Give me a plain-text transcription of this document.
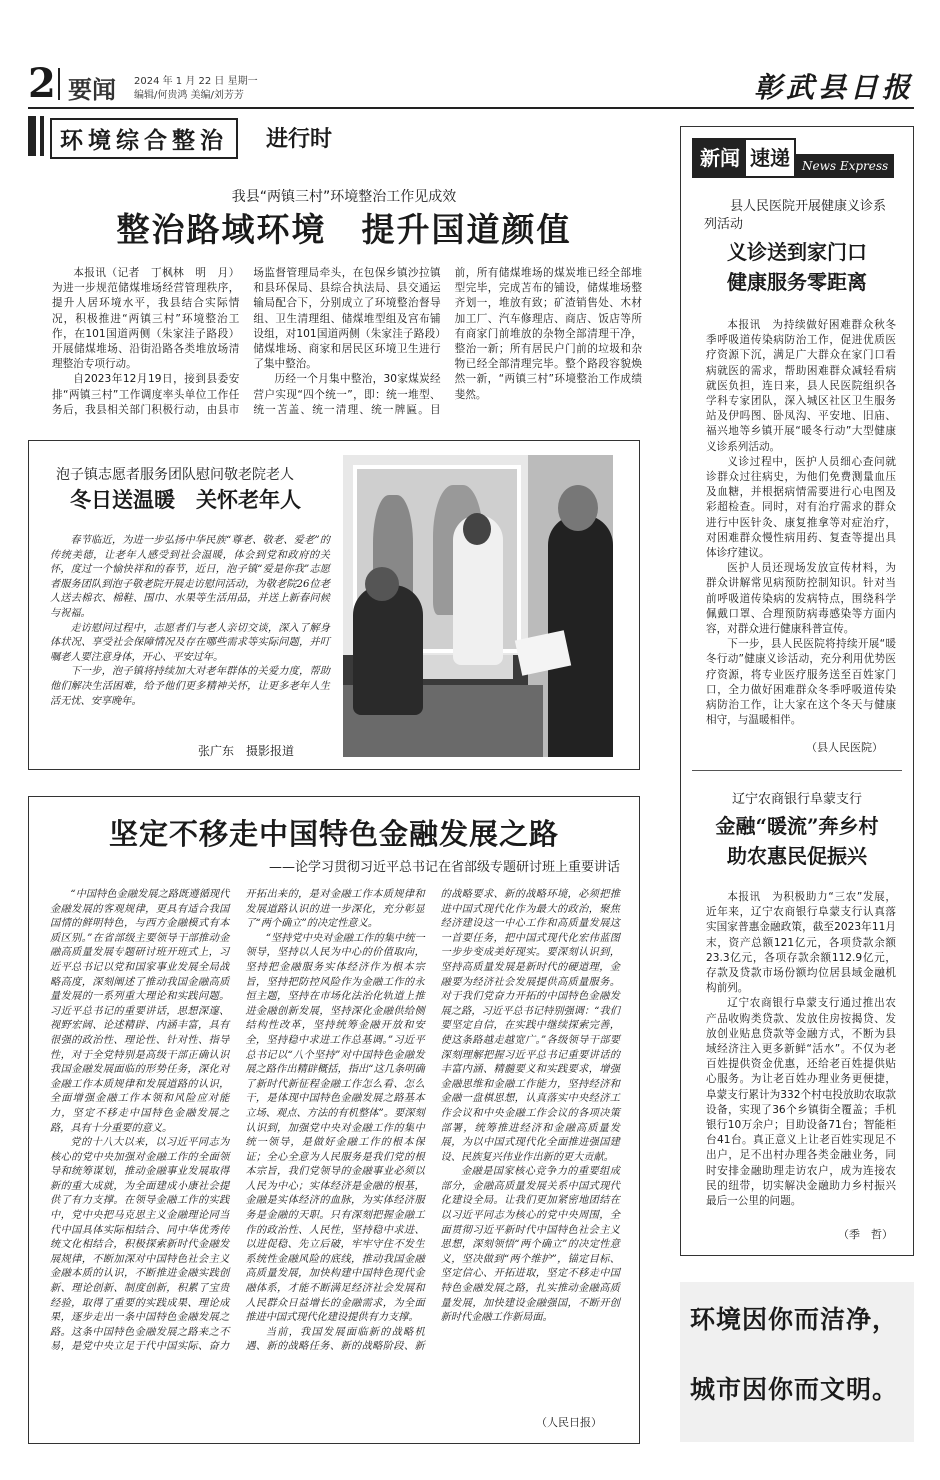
2 要闻 2024 年 1 月 22 日 星期一
编辑/何贵鸿 美编/刘芳芳	彰武县日报
环境综合整治	进行时
我县“两镇三村”环境整治工作见成效
整治路域环境　提升国道颜值

本报讯（记者　丁枫林　明　月）为进一步规范储煤堆场经营管理秩序，提升人居环境水平，我县结合实际情况，积极推进“两镇三村”环境整治工作，在101国道两侧（朱家洼子路段）开展储煤堆场、沿街沿路各类堆放场清理整治专项行动。

自2023年12月19日，接到县委安排“两镇三村”工作调度率头单位工作任务后，我县相关部门积极行动，由县市场监督管理局牵头，在包保乡镇沙拉镇和县环保局、县综合执法局、县交通运输局配合下，分别成立了环境整治督导组、卫生清理组、储煤堆型组及宫布铺设组，对101国道两侧（朱家洼子路段）储煤堆场、商家和居民区环境卫生进行了集中整治。

历经一个月集中整治，30家煤炭经营户实现“四个统一”，即：统一堆型、统一苫盖、统一清理、统一牌匾。目前，所有储煤堆场的煤炭堆已经全部堆型完毕，完成苫布的铺设，储煤堆场整齐划一，堆放有致；矿渣销售处、木材加工厂、汽车修理店、商店、饭店等所有商家门前堆放的杂物全部清理干净，整治一新；所有居民户门前的垃圾和杂物已经全部清理完毕。整个路段容貌焕然一新，“两镇三村”环境整治工作成绩斐然。

泡子镇志愿者服务团队慰问敬老院老人
冬日送温暖　关怀老年人

春节临近，为进一步弘扬中华民族“尊老、敬老、爱老”的传统美德，让老年人感受到社会温暖，体会到党和政府的关怀，度过一个愉快祥和的春节，近日，泡子镇“爱是你我”志愿者服务团队到泡子敬老院开展走访慰问活动，为敬老院26位老人送去棉衣、棉鞋、围巾、水果等生活用品，并送上新春问候与祝福。

走访慰问过程中，志愿者们与老人亲切交谈，深入了解身体状况、享受社会保障情况及存在哪些需求等实际问题，并叮嘱老人要注意身体，开心、平安过年。

下一步，泡子镇将持续加大对老年群体的关爱力度，帮助他们解决生活困难，给予他们更多精神关怀，让更多老年人生活无忧、安享晚年。

张广东　摄影报道
坚定不移走中国特色金融发展之路
——论学习贯彻习近平总书记在省部级专题研讨班上重要讲话

“中国特色金融发展之路既遵循现代金融发展的客观规律，更具有适合我国国情的鲜明特色，与西方金融模式有本质区别。”在省部级主要领导干部推动金融高质量发展专题研讨班开班式上，习近平总书记以党和国家事业发展全局战略高度，深刻阐述了推动我国金融高质量发展的一系列重大理论和实践问题。习近平总书记的重要讲话，思想深邃、视野宏阔、论述精辟、内涵丰富，具有很强的政治性、理论性、针对性、指导性，对于全党特别是高级干部正确认识我国金融发展面临的形势任务，深化对金融工作本质规律和发展道路的认识，全面增强金融工作本领和风险应对能力，坚定不移走中国特色金融发展之路，具有十分重要的意义。

党的十八大以来，以习近平同志为核心的党中央加强对金融工作的全面领导和统筹谋划，推动金融事业发展取得新的重大成就，为全面建成小康社会提供了有力支撑。在领导金融工作的实践中，党中央把马克思主义金融理论同当代中国具体实际相结合、同中华优秀传统文化相结合，积极探索新时代金融发展规律，不断加深对中国特色社会主义金融本质的认识，不断推进金融实践创新、理论创新、制度创新，积累了宝贵经验，取得了重要的实践成果、理论成果，逐步走出一条中国特色金融发展之路。这条中国特色金融发展之路来之不易，是党中央立足于代中国实际、奋力开拓出来的，是对金融工作本质规律和发展道路认识的进一步深化，充分彰显了“两个确立”的决定性意义。

“坚持党中央对金融工作的集中统一领导，坚持以人民为中心的价值取向，坚持把金融服务实体经济作为根本宗旨，坚持把防控风险作为金融工作的永恒主题，坚持在市场化法治化轨道上推进金融创新发展，坚持深化金融供给侧结构性改革，坚持统筹金融开放和安全，坚持稳中求进工作总基调。”习近平总书记以“八个坚持”对中国特色金融发展之路作出精辟概括，指出“这几条明确了新时代新征程金融工作怎么看、怎么干，是体现中国特色金融发展之路基本立场、观点、方法的有机整体”。要深刻认识到，加强党中央对金融工作的集中统一领导，是做好金融工作的根本保证；全心全意为人民服务是我们党的根本宗旨，我们党领导的金融事业必须以人民为中心；实体经济是金融的根基，金融是实体经济的血脉，为实体经济服务是金融的天职。只有深刻把握金融工作的政治性、人民性，坚持稳中求进、以进促稳、先立后破，牢牢守住不发生系统性金融风险的底线，推动我国金融高质量发展，加快构建中国特色现代金融体系，才能不断满足经济社会发展和人民群众日益增长的金融需求，为全面推进中国式现代化建设提供有力支撑。

当前，我国发展面临新的战略机遇、新的战略任务、新的战略阶段、新的战略要求、新的战略环境，必须把推进中国式现代化作为最大的政治，聚焦经济建设这一中心工作和高质量发展这一首要任务，把中国式现代化宏伟蓝图一步步变成美好现实。要深刻认识到，坚持高质量发展是新时代的硬道理，金融要为经济社会发展提供高质量服务。对于我们党奋力开拓的中国特色金融发展之路，习近平总书记特别强调：“我们要坚定自信，在实践中继续探索完善，使这条路越走越宽广。”各级领导干部要深刻理解把握习近平总书记重要讲话的丰富内涵、精髓要义和实践要求，增强金融思维和金融工作能力，坚持经济和金融一盘棋思想，认真落实中央经济工作会议和中央金融工作会议的各项决策部署，统筹推进经济和金融高质量发展，为以中国式现代化全面推进强国建设、民族复兴伟业作出新的更大贡献。

金融是国家核心竞争力的重要组成部分，金融高质量发展关系中国式现代化建设全局。让我们更加紧密地团结在以习近平同志为核心的党中央周围，全面贯彻习近平新时代中国特色社会主义思想，深刻领悟“两个确立”的决定性意义，坚决做到“两个维护”，锚定目标、坚定信心、开拓进取，坚定不移走中国特色金融发展之路，扎实推动金融高质量发展，加快建设金融强国，不断开创新时代金融工作新局面。

（人民日报）
新闻 速递	News Express
县人民医院开展健康义诊系列活动
义诊送到家门口
健康服务零距离

本报讯　为持续做好困难群众秋冬季呼吸道传染病防治工作，促进优质医疗资源下沉，满足广大群众在家门口看病就医的需求，帮助困难群众减轻看病就医负担，连日来，县人民医院组织各学科专家团队，深入城区社区卫生服务站及伊吗图、卧凤沟、平安地、旧庙、福兴地等乡镇开展“暖冬行动”大型健康义诊系列活动。

义诊过程中，医护人员细心查问就诊群众过往病史，为他们免费测量血压及血糖，并根据病情需要进行心电图及彩超检查。同时，对有治疗需求的群众进行中医针灸、康复推拿等对症治疗，对困难群众慢性病用药、复查等提出具体诊疗建议。

医护人员还现场发放宣传材料，为群众讲解常见病预防控制知识。针对当前呼吸道传染病的发病特点，围绕科学佩戴口罩、合理预防病毒感染等方面内容，对群众进行健康科普宣传。

下一步，县人民医院将持续开展“暖冬行动”健康义诊活动，充分利用优势医疗资源，将专业医疗服务送至百姓家门口，全力做好困难群众冬季呼吸道传染病防治工作，让大家在这个冬天与健康相守，与温暖相伴。

（县人民医院）
辽宁农商银行阜蒙支行
金融“暖流”奔乡村
助农惠民促振兴

本报讯　为积极助力“三农”发展，近年来，辽宁农商银行阜蒙支行认真落实国家普惠金融政策，截至2023年11月末，资产总额121亿元，各项贷款余额23.3亿元，各项存款余额112.9亿元，存款及贷款市场份额均位居县域金融机构前列。

辽宁农商银行阜蒙支行通过推出农产品收购类贷款、发放住房按揭贷、发放创业贴息贷款等金融方式，不断为县域经济注入更多新鲜“活水”。不仅为老百姓提供资金优惠，还给老百姓提供贴心服务。为让老百姓办理业务更便捷，阜蒙支行累计为332个村屯投放助农取款设备，实现了36个乡镇街全覆盖；手机银行10万余户；目助设备71台；智能柜台41台。真正意义上让老百姓实现足不出户，足不出村办理各类金融业务，同时安排金融助理走访农户，成为连接农民的纽带，切实解决金融助力乡村振兴最后一公里的问题。

（季　哲）
环境因你而洁净，
城市因你而文明。
